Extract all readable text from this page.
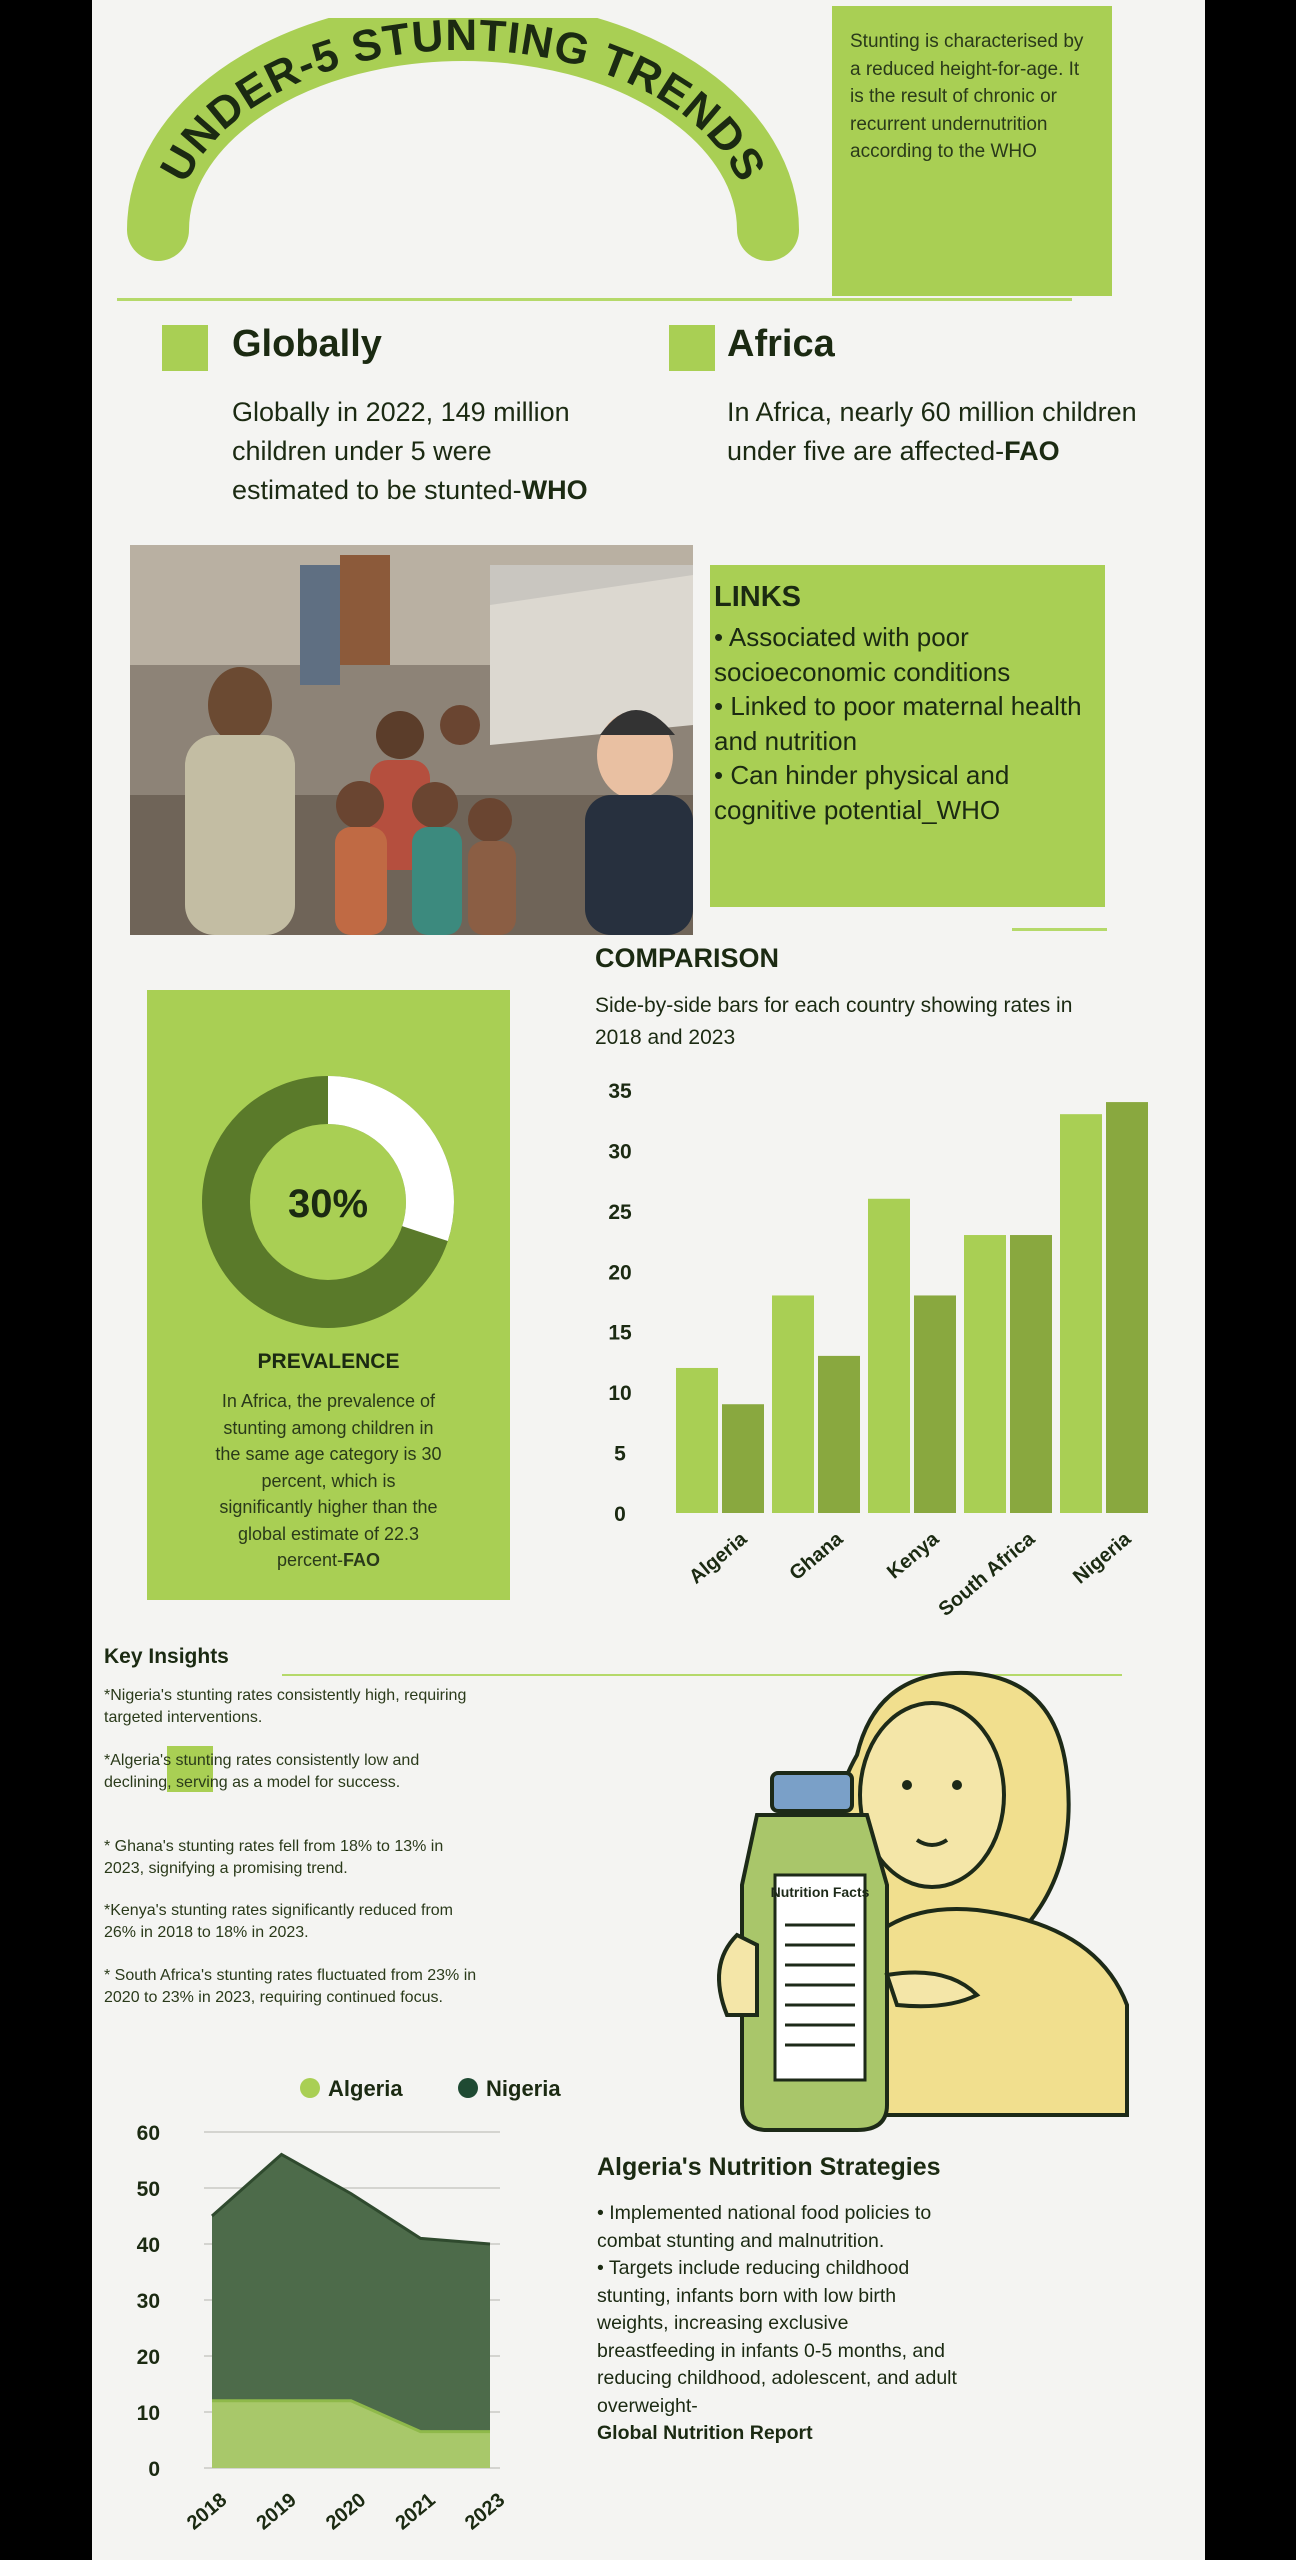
UNDER-5 STUNTING TRENDS
Stunting is characterised by a reduced height-for-age. It is the result of chronic or recurrent undernutrition according to the WHO
Globally
Globally in 2022, 149 million children under 5 were estimated to be stunted-WHO
Africa
In Africa, nearly 60 million children under five are affected-FAO
LINKS
• Associated with poor socioeconomic conditions
• Linked to poor maternal health and nutrition
• Can hinder physical and cognitive potential_WHO
COMPARISON
Side-by-side bars for each country showing rates in 2018 and 2023
30%
PREVALENCE
In Africa, the prevalence of stunting among children in the same age category is 30 percent, which is significantly higher than the global estimate of 22.3 percent-FAO
0
5
10
15
20
25
30
35
Algeria Ghana Kenya
South Africa Nigeria
Key Insights
*Nigeria's stunting rates consistently high, requiring targeted interventions.
*Algeria's stunting rates consistently low and declining, serving as a model for success.
* Ghana's stunting rates fell from 18% to 13% in 2023, signifying a promising trend.
*Kenya's stunting rates significantly reduced from 26% in 2018 to 18% in 2023.
* South Africa's stunting rates fluctuated from 23% in 2020 to 23% in 2023, requiring continued focus.
Nutrition Facts
Algeria	Nigeria
0
10
20
30
40
50
60
2018 2019 2020 2021 2023
Algeria's Nutrition Strategies
• Implemented national food policies to combat stunting and malnutrition.
• Targets include reducing childhood stunting, infants born with low birth weights, increasing exclusive breastfeeding in infants 0-5 months, and reducing childhood, adolescent, and adult overweight-
Global Nutrition Report
